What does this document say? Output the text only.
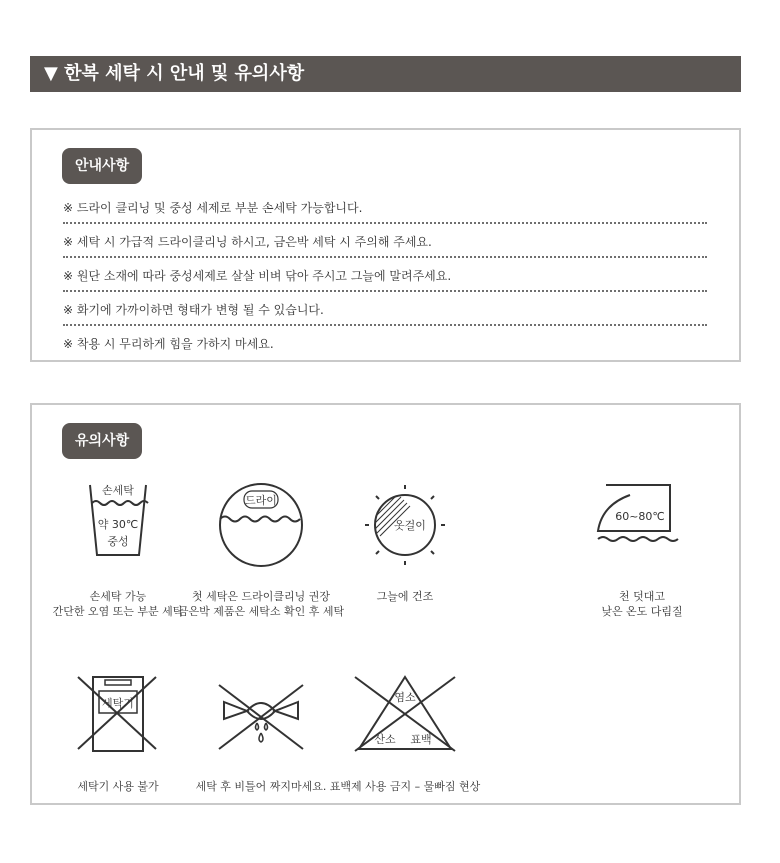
▼ 한복 세탁 시 안내 및 유의사항
안내사항
※ 드라이 클리닝 및 중성 세제로 부분 손세탁 가능합니다.
※ 세탁 시 가급적 드라이클리닝 하시고, 금은박 세탁 시 주의해 주세요.
※ 원단 소재에 따라 중성세제로 살살 비벼 닦아 주시고 그늘에 말려주세요.
※ 화기에 가까이하면 형태가 변형 될 수 있습니다.
※ 착용 시 무리하게 힘을 가하지 마세요.
유의사항
손세탁
약 30℃
중성
손세탁 가능
간단한 오염 또는 부분 세탁
드라이
첫 세탁은 드라이클리닝 권장
금은박 제품은 세탁소 확인 후 세탁
옷걸이
그늘에 건조
60~80℃
천 덧대고
낮은 온도 다림질
세탁기
세탁기 사용 불가	세탁 후 비틀어 짜지마세요.
염소
산소 표백
표백제 사용 금지 – 물빠짐 현상
